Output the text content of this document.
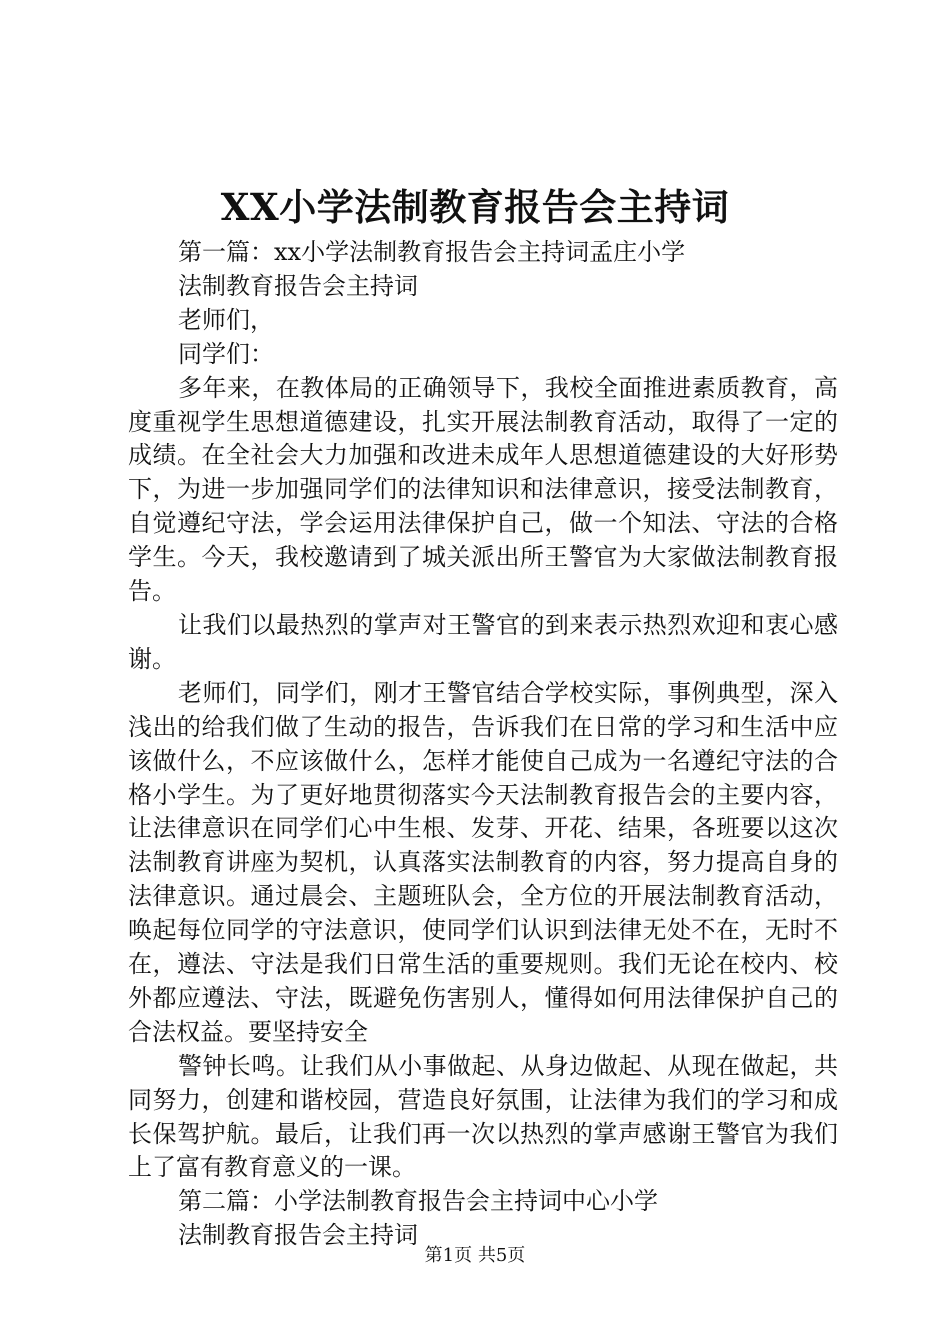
XX小学法制教育报告会主持词

第一篇：xx小学法制教育报告会主持词孟庄小学

法制教育报告会主持词

老师们，

同学们：

多年来，在教体局的正确领导下，我校全面推进素质教育，高度重视学生思想道德建设，扎实开展法制教育活动，取得了一定的成绩。在全社会大力加强和改进未成年人思想道德建设的大好形势下，为进一步加强同学们的法律知识和法律意识，接受法制教育，自觉遵纪守法，学会运用法律保护自己，做一个知法、守法的合格学生。今天，我校邀请到了城关派出所王警官为大家做法制教育报告。

让我们以最热烈的掌声对王警官的到来表示热烈欢迎和衷心感谢。

老师们，同学们，刚才王警官结合学校实际，事例典型，深入浅出的给我们做了生动的报告，告诉我们在日常的学习和生活中应该做什么，不应该做什么，怎样才能使自己成为一名遵纪守法的合格小学生。为了更好地贯彻落实今天法制教育报告会的主要内容，让法律意识在同学们心中生根、发芽、开花、结果，各班要以这次法制教育讲座为契机，认真落实法制教育的内容，努力提高自身的法律意识。通过晨会、主题班队会，全方位的开展法制教育活动，唤起每位同学的守法意识，使同学们认识到法律无处不在，无时不在，遵法、守法是我们日常生活的重要规则。我们无论在校内、校外都应遵法、守法，既避免伤害别人，懂得如何用法律保护自己的合法权益。要坚持安全

警钟长鸣。让我们从小事做起、从身边做起、从现在做起，共同努力，创建和谐校园，营造良好氛围，让法律为我们的学习和成长保驾护航。最后，让我们再一次以热烈的掌声感谢王警官为我们上了富有教育意义的一课。

第二篇：小学法制教育报告会主持词中心小学

法制教育报告会主持词

第1页 共5页
